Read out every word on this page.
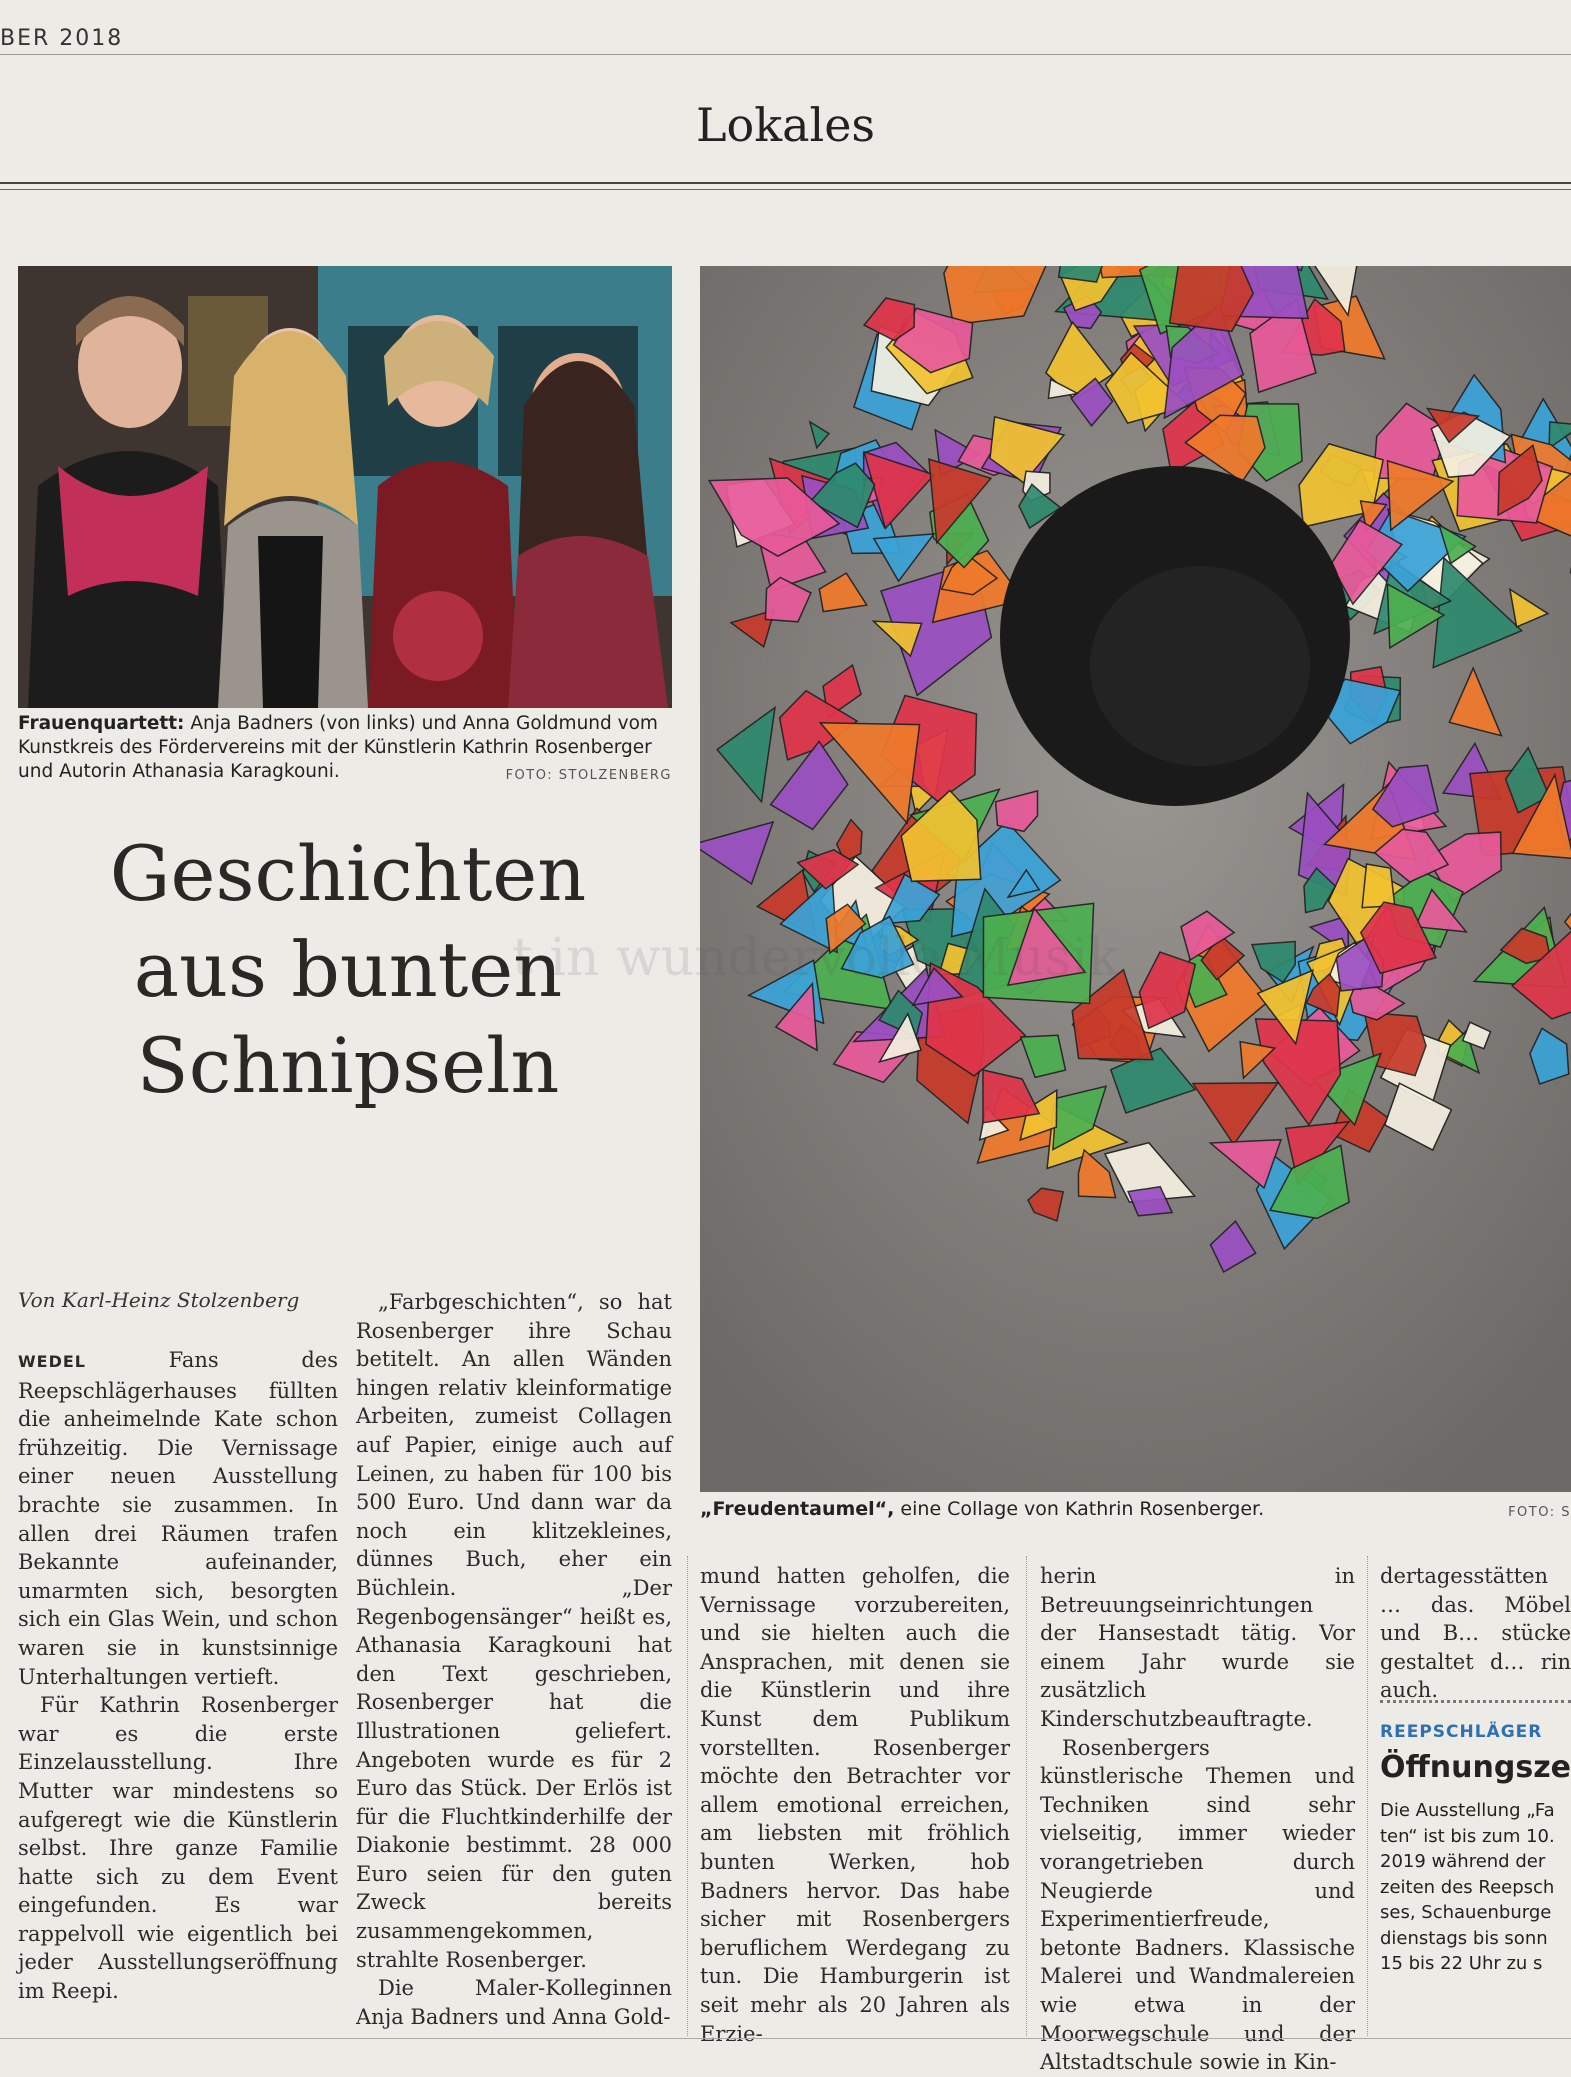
BER 2018
Lokales
Frauenquartett: Anja Badners (von links) und Anna Goldmund vom Kunstkreis des Fördervereins mit der Künstlerin Kathrin Rosenberger und Autorin Athanasia Karagkouni.	FOTO: STOLZENBERG
„Freudentaumel“, eine Collage von Kathrin Rosenberger.	FOTO: S
t in wundervolle Musik
Geschichten
aus bunten
Schnipseln
Von Karl-Heinz Stolzenberg

WEDEL Fans des Reepschlägerhauses füllten die anheimelnde Kate schon frühzeitig. Die Vernissage einer neuen Ausstellung brachte sie zusammen. In allen drei Räumen trafen Bekannte aufeinander, umarmten sich, besorgten sich ein Glas Wein, und schon waren sie in kunstsinnige Unterhaltungen vertieft.

Für Kathrin Rosenberger war es die erste Einzelausstellung. Ihre Mutter war mindestens so aufgeregt wie die Künstlerin selbst. Ihre ganze Familie hatte sich zu dem Event eingefunden. Es war rappelvoll wie eigentlich bei jeder Ausstellungseröffnung im Reepi.

„Farbgeschichten“, so hat Rosenberger ihre Schau betitelt. An allen Wänden hingen relativ kleinformatige Arbeiten, zumeist Collagen auf Papier, einige auch auf Leinen, zu haben für 100 bis 500 Euro. Und dann war da noch ein klitzekleines, dünnes Buch, eher ein Büchlein. „Der Regenbogensänger“ heißt es, Athanasia Karagkouni hat den Text geschrieben, Rosenberger hat die Illustrationen geliefert. Angeboten wurde es für 2 Euro das Stück. Der Erlös ist für die Fluchtkinderhilfe der Diakonie bestimmt. 28 000 Euro seien für den guten Zweck bereits zusammengekommen, strahlte Rosenberger.

Die Maler-Kolleginnen Anja Badners und Anna Gold-

mund hatten geholfen, die Vernissage vorzubereiten, und sie hielten auch die Ansprachen, mit denen sie die Künstlerin und ihre Kunst dem Publikum vorstellten. Rosenberger möchte den Betrachter vor allem emotional erreichen, am liebsten mit fröhlich bunten Werken, hob Badners hervor. Das habe sicher mit Rosenbergers beruflichem Werdegang zu tun. Die Hamburgerin ist seit mehr als 20 Jahren als Erzie-

herin in Betreuungseinrichtungen der Hansestadt tätig. Vor einem Jahr wurde sie zusätzlich Kinderschutzbeauftragte.

Rosenbergers künstlerische Themen und Techniken sind sehr vielseitig, immer wieder vorangetrieben durch Neugierde und Experimentierfreude, betonte Badners. Klassische Malerei und Wandmalereien wie etwa in der Moorwegschule und der Altstadtschule sowie in Kin-

dertagesstätten … das. Möbel und B… stücke gestaltet d… rin auch.

REEPSCHLÄGER
Öffnungsze
Die Ausstellung „Fa
ten“ ist bis zum 10.
2019 während der
zeiten des Reepsch
ses, Schauenburge
dienstags bis sonn
15 bis 22 Uhr zu s
